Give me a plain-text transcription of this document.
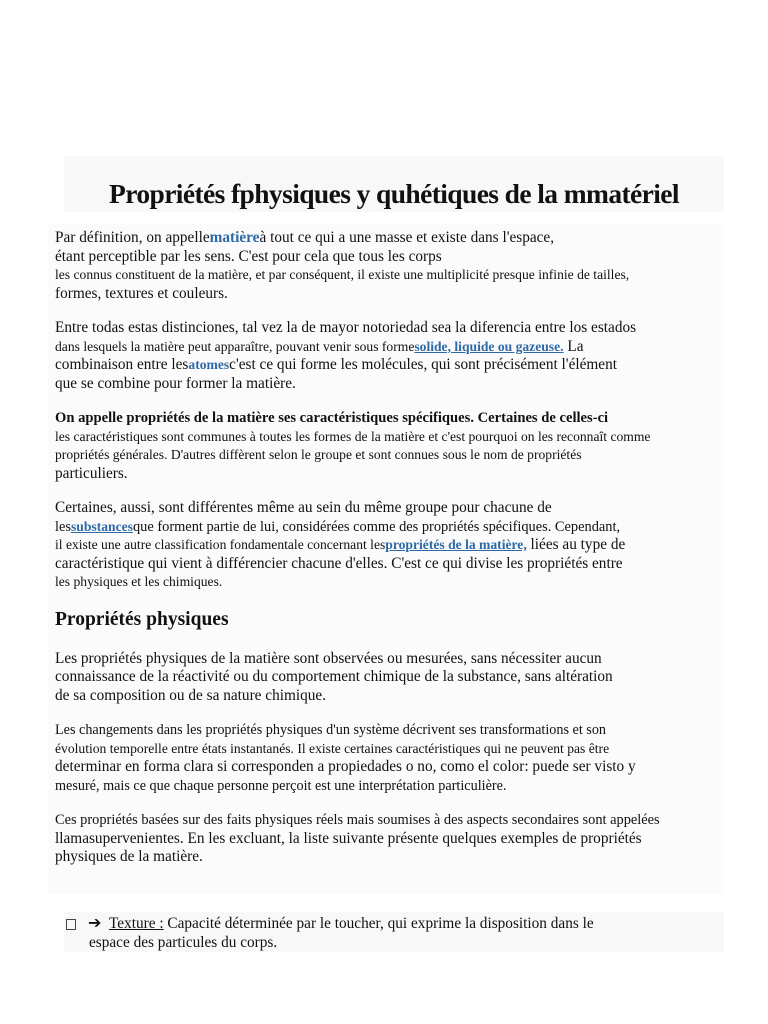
Propriétés fphysiques y quhétiques de la mmatériel

Par définition, on appellematièreà tout ce qui a une masse et existe dans l'espace,

étant perceptible par les sens. C'est pour cela que tous les corps

les connus constituent de la matière, et par conséquent, il existe une multiplicité presque infinie de tailles,

formes, textures et couleurs.

Entre todas estas distinciones, tal vez la de mayor notoriedad sea la diferencia entre los estados

dans lesquels la matière peut apparaître, pouvant venir sous formesolide, liquide ou gazeuse. La

combinaison entre lesatomesc'est ce qui forme les molécules, qui sont précisément l'élément

que se combine pour former la matière.

On appelle propriétés de la matière ses caractéristiques spécifiques. Certaines de celles-ci

les caractéristiques sont communes à toutes les formes de la matière et c'est pourquoi on les reconnaît comme

propriétés générales. D'autres diffèrent selon le groupe et sont connues sous le nom de propriétés

particuliers.

Certaines, aussi, sont différentes même au sein du même groupe pour chacune de

lessubstancesque forment partie de lui, considérées comme des propriétés spécifiques. Cependant,

il existe une autre classification fondamentale concernant lespropriétés de la matière, liées au type de

caractéristique qui vient à différencier chacune d'elles. C'est ce qui divise les propriétés entre

les physiques et les chimiques.

Propriétés physiques

Les propriétés physiques de la matière sont observées ou mesurées, sans nécessiter aucun

connaissance de la réactivité ou du comportement chimique de la substance, sans altération

de sa composition ou de sa nature chimique.

Les changements dans les propriétés physiques d'un système décrivent ses transformations et son

évolution temporelle entre états instantanés. Il existe certaines caractéristiques qui ne peuvent pas être

determinar en forma clara si corresponden a propiedades o no, como el color: puede ser visto y

mesuré, mais ce que chaque personne perçoit est une interprétation particulière.

Ces propriétés basées sur des faits physiques réels mais soumises à des aspects secondaires sont appelées

llamasupervenientes. En les excluant, la liste suivante présente quelques exemples de propriétés

physiques de la matière.

➔ Texture : Capacité déterminée par le toucher, qui exprime la disposition dans le

espace des particules du corps.
